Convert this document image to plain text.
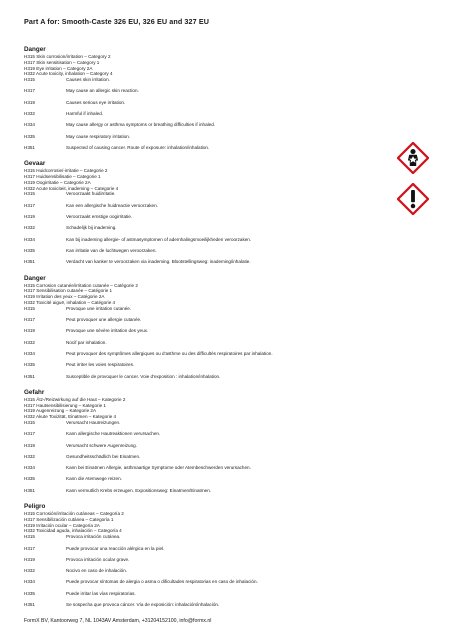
Part A for: Smooth-Caste 326 EU, 326 EU and 327 EU
Danger
H315 Skin corrosion/irritation – Category 2
H317 Skin sensitisation – Category 1
H319 Eye irritation – Category 2A
H332 Acute toxicity, inhalation – Category 4
H315	Causes skin irritation.
H317	May cause an allergic skin reaction.
H319	Causes serious eye irritation.
H332	Harmful if inhaled.
H334	May cause allergy or asthma symptoms or breathing difficulties if inhaled.
H335	May cause respiratory irritation.
H351	Suspected of causing cancer. Route of exposure: inhalation/inhalation.
Gevaar
H315 Huidcorrosie/-irritatie – Categorie 2
H317 Huidsensibilisatie – Categorie 1
H319 Oogirritatie – Categorie 2A
H332 Acute toxiciteit, inademing – Categorie 4
H315	Veroorzaakt huidirritatie.
H317	Kan een allergische huidreactie veroorzaken.
H319	Veroorzaakt ernstige oogirritatie.
H332	Schadelijk bij inademing.
H334	Kan bij inademing allergie- of astmasymptomen of ademhalingsmoeilijkheden veroorzaken.
H335	Kan irritatie van de luchtwegen veroorzaken.
H351	Verdacht van kanker te veroorzaken via inademing. Blootstellingsweg: inademing/inhalatie.
Danger
H315 Corrosion cutanée/irritation cutanée – Catégorie 2
H317 Sensibilisation cutanée – Catégorie 1
H319 Irritation des yeux – Catégorie 2A
H332 Toxicité aiguë, inhalation – Catégorie 4
H315	Provoque une irritation cutanée.
H317	Peut provoquer une allergie cutanée.
H319	Provoque une sévère irritation des yeux.
H332	Nocif par inhalation.
H334	Peut provoquer des symptômes allergiques ou d'asthme ou des difficultés respiratoires par inhalation.
H335	Peut irriter les voies respiratoires.
H351	Susceptible de provoquer le cancer. Voie d'exposition : inhalation/inhalation.
Gefahr
H315 Ätz-/Reizwirkung auf die Haut – Kategorie 2
H317 Hautsensibilisierung – Kategorie 1
H319 Augenreizung – Kategorie 2A
H332 Akute Toxizität, Einatmen – Kategorie 4
H315	Verursacht Hautreizungen.
H317	Kann allergische Hautreaktionen verursachen.
H319	Verursacht schwere Augenreizung.
H332	Gesundheitsschädlich bei Einatmen.
H334	Kann bei Einatmen Allergie, asthmaartige Symptome oder Atembeschwerden verursachen.
H335	Kann die Atemwege reizen.
H351	Kann vermutlich Krebs erzeugen. Expositionsweg: Einatmen/Einatmen.
Peligro
H315 Corrosión/irritación cutáneas – Categoría 2
H317 Sensibilización cutánea – Categoría 1
H319 Irritación ocular – Categoría 2A
H332 Toxicidad aguda, inhalación – Categoría 4
H315	Provoca irritación cutánea.
H317	Puede provocar una reacción alérgica en la piel.
H319	Provoca irritación ocular grave.
H332	Nocivo en caso de inhalación.
H334	Puede provocar síntomas de alergia o asma o dificultades respiratorias en caso de inhalación.
H335	Puede irritar las vías respiratorias.
H351	Se sospecha que provoca cáncer. Vía de exposición: inhalación/inhalación.
FormX BV, Kantoorweg 7, NL 1043AV Amsterdam, +31204152100, info@formx.nl
